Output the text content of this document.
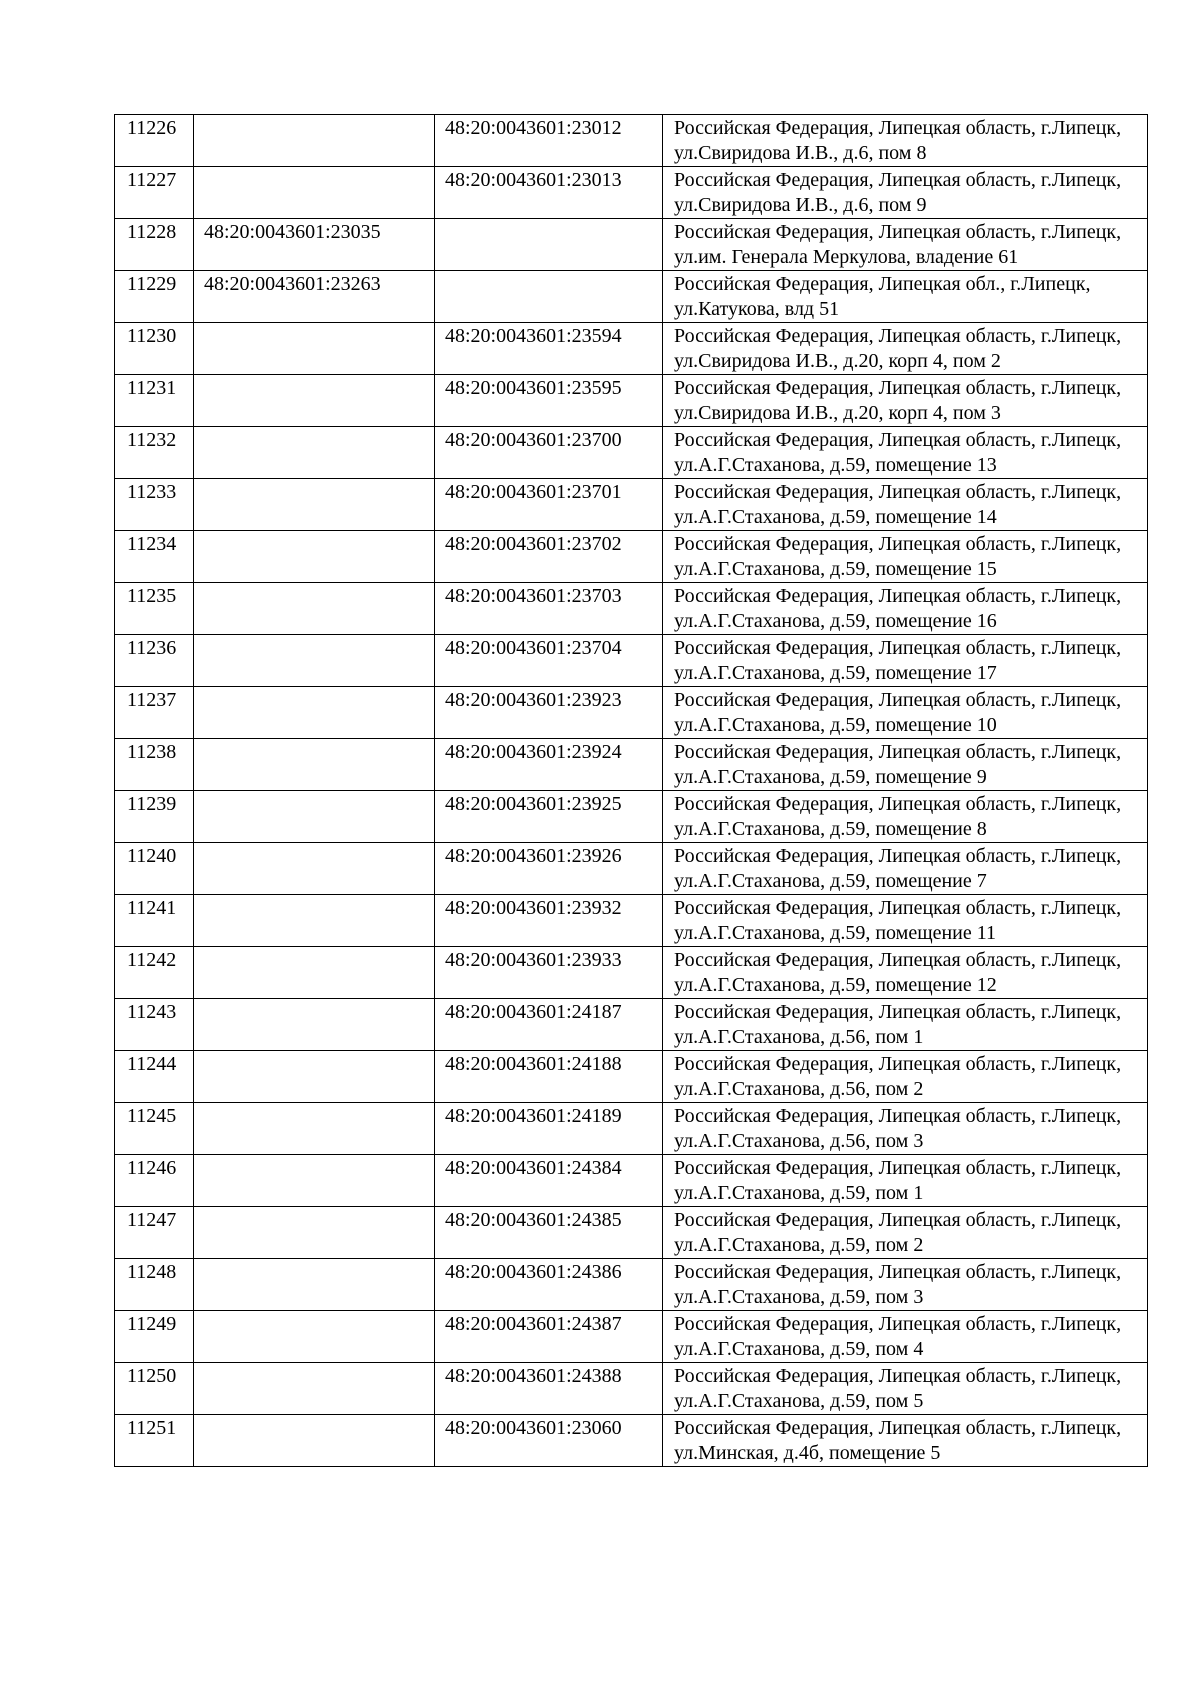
11226		48:20:0043601:23012	Российская Федерация, Липецкая область, г.Липецк, ул.Свиридова И.В., д.6, пом 8
11227		48:20:0043601:23013	Российская Федерация, Липецкая область, г.Липецк, ул.Свиридова И.В., д.6, пом 9
11228	48:20:0043601:23035		Российская Федерация, Липецкая область, г.Липецк, ул.им. Генерала Меркулова, владение 61
11229	48:20:0043601:23263		Российская Федерация, Липецкая обл., г.Липецк, ул.Катукова, влд 51
11230		48:20:0043601:23594	Российская Федерация, Липецкая область, г.Липецк, ул.Свиридова И.В., д.20, корп 4, пом 2
11231		48:20:0043601:23595	Российская Федерация, Липецкая область, г.Липецк, ул.Свиридова И.В., д.20, корп 4, пом 3
11232		48:20:0043601:23700	Российская Федерация, Липецкая область, г.Липецк, ул.А.Г.Стаханова, д.59, помещение 13
11233		48:20:0043601:23701	Российская Федерация, Липецкая область, г.Липецк, ул.А.Г.Стаханова, д.59, помещение 14
11234		48:20:0043601:23702	Российская Федерация, Липецкая область, г.Липецк, ул.А.Г.Стаханова, д.59, помещение 15
11235		48:20:0043601:23703	Российская Федерация, Липецкая область, г.Липецк, ул.А.Г.Стаханова, д.59, помещение 16
11236		48:20:0043601:23704	Российская Федерация, Липецкая область, г.Липецк, ул.А.Г.Стаханова, д.59, помещение 17
11237		48:20:0043601:23923	Российская Федерация, Липецкая область, г.Липецк, ул.А.Г.Стаханова, д.59, помещение 10
11238		48:20:0043601:23924	Российская Федерация, Липецкая область, г.Липецк, ул.А.Г.Стаханова, д.59, помещение 9
11239		48:20:0043601:23925	Российская Федерация, Липецкая область, г.Липецк, ул.А.Г.Стаханова, д.59, помещение 8
11240		48:20:0043601:23926	Российская Федерация, Липецкая область, г.Липецк, ул.А.Г.Стаханова, д.59, помещение 7
11241		48:20:0043601:23932	Российская Федерация, Липецкая область, г.Липецк, ул.А.Г.Стаханова, д.59, помещение 11
11242		48:20:0043601:23933	Российская Федерация, Липецкая область, г.Липецк, ул.А.Г.Стаханова, д.59, помещение 12
11243		48:20:0043601:24187	Российская Федерация, Липецкая область, г.Липецк, ул.А.Г.Стаханова, д.56, пом 1
11244		48:20:0043601:24188	Российская Федерация, Липецкая область, г.Липецк, ул.А.Г.Стаханова, д.56, пом 2
11245		48:20:0043601:24189	Российская Федерация, Липецкая область, г.Липецк, ул.А.Г.Стаханова, д.56, пом 3
11246		48:20:0043601:24384	Российская Федерация, Липецкая область, г.Липецк, ул.А.Г.Стаханова, д.59, пом 1
11247		48:20:0043601:24385	Российская Федерация, Липецкая область, г.Липецк, ул.А.Г.Стаханова, д.59, пом 2
11248		48:20:0043601:24386	Российская Федерация, Липецкая область, г.Липецк, ул.А.Г.Стаханова, д.59, пом 3
11249		48:20:0043601:24387	Российская Федерация, Липецкая область, г.Липецк, ул.А.Г.Стаханова, д.59, пом 4
11250		48:20:0043601:24388	Российская Федерация, Липецкая область, г.Липецк, ул.А.Г.Стаханова, д.59, пом 5
11251		48:20:0043601:23060	Российская Федерация, Липецкая область, г.Липецк, ул.Минская, д.4б, помещение 5
